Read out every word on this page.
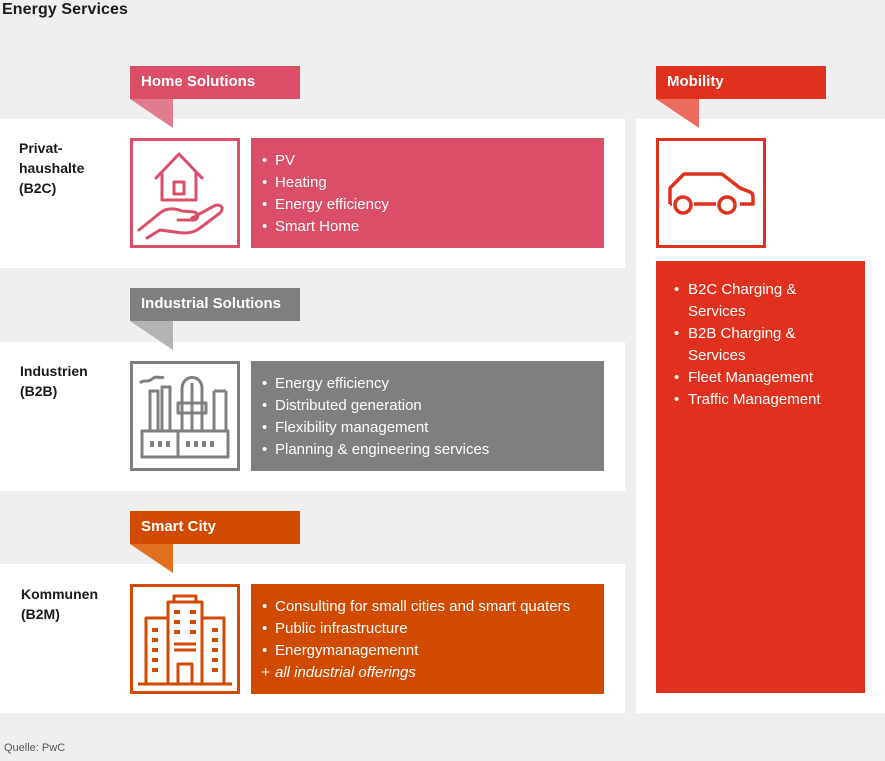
Energy Services
Home Solutions
Industrial Solutions
Smart City
Mobility
Privat-
haushalte
(B2C)
Industrien
(B2B)
Kommunen
(B2M)
• PV
• Heating
• Energy efficiency
• Smart Home
• Energy efficiency
• Distributed generation
• Flexibility management
• Planning & engineering services
• Consulting for small cities and smart quaters
• Public infrastructure
• Energymanagemennt
+ all industrial offerings
• B2C Charging &
Services
• B2B Charging &
Services
• Fleet Management
• Traffic Management
Quelle: PwC
